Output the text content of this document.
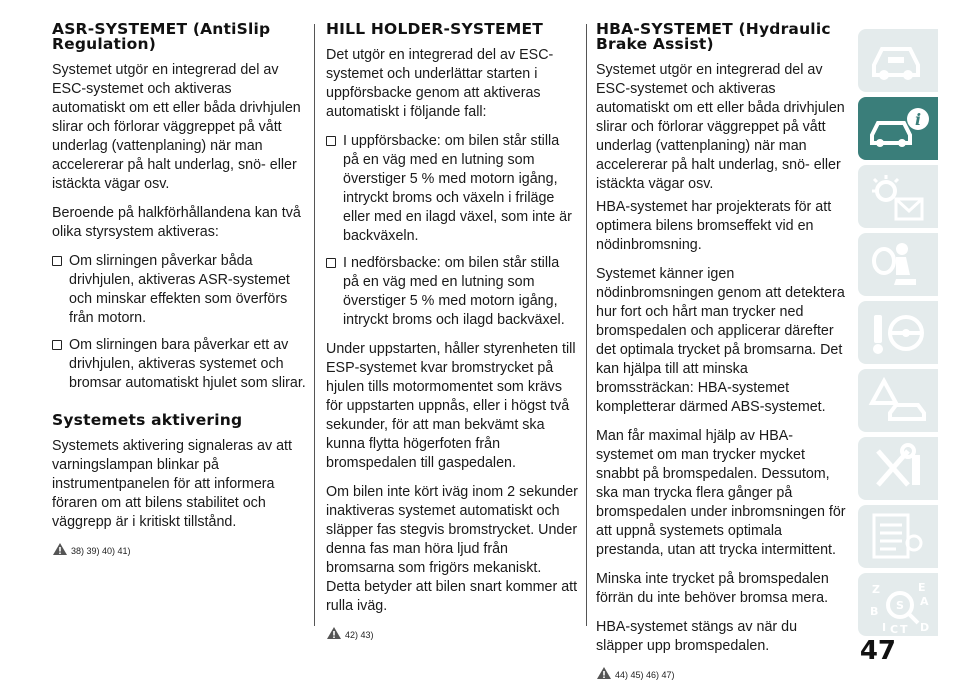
ASR-SYSTEMET (AntiSlip Regulation)

Systemet utgör en integrerad del av ESC-systemet och aktiveras automatiskt om ett eller båda drivhjulen slirar och förlorar väggreppet på vått underlag (vattenplaning) när man accelererar på halt underlag, snö- eller istäckta vägar osv.

Beroende på halkförhållandena kan två olika styrsystem aktiveras:

Om slirningen påverkar båda drivhjulen, aktiveras ASR-systemet och minskar effekten som överförs från motorn.
Om slirningen bara påverkar ett av drivhjulen, aktiveras systemet och bromsar automatiskt hjulet som slirar.
Systemets aktivering

Systemets aktivering signaleras av att varningslampan blinkar på instrumentpanelen för att informera föraren om att bilens stabilitet och väggrepp är i kritiskt tillstånd.

38) 39) 40) 41)
HILL HOLDER-SYSTEMET

Det utgör en integrerad del av ESC-systemet och underlättar starten i uppförsbacke genom att aktiveras automatiskt i följande fall:

I uppförsbacke: om bilen står stilla på en väg med en lutning som överstiger 5 % med motorn igång, intryckt broms och växeln i friläge eller med en ilagd växel, som inte är backväxeln.
I nedförsbacke: om bilen står stilla på en väg med en lutning som överstiger 5 % med motorn igång, intryckt broms och ilagd backväxel.

Under uppstarten, håller styrenheten till ESP-systemet kvar bromstrycket på hjulen tills motormomentet som krävs för uppstarten uppnås, eller i högst två sekunder, för att man bekvämt ska kunna flytta högerfoten från bromspedalen till gaspedalen.

Om bilen inte kört iväg inom 2 sekunder inaktiveras systemet automatiskt och släpper fas stegvis bromstrycket. Under denna fas man höra ljud från bromsarna som frigörs mekaniskt. Detta betyder att bilen snart kommer att rulla iväg.

42) 43)
HBA-SYSTEMET (Hydraulic Brake Assist)

Systemet utgör en integrerad del av ESC-systemet och aktiveras automatiskt om ett eller båda drivhjulen slirar och förlorar väggreppet på vått underlag (vattenplaning) när man accelererar på halt underlag, snö- eller istäckta vägar osv.

HBA-systemet har projekterats för att optimera bilens bromseffekt vid en nödinbromsning.

Systemet känner igen nödinbromsningen genom att detektera hur fort och hårt man trycker ned bromspedalen och applicerar därefter det optimala trycket på bromsarna. Det kan hjälpa till att minska bromssträckan: HBA-systemet kompletterar därmed ABS-systemet.

Man får maximal hjälp av HBA-systemet om man trycker mycket snabbt på bromspedalen. Dessutom, ska man trycka flera gånger på bromspedalen under inbromsningen för att uppnå systemets optimala prestanda, utan att trycka intermittent.

Minska inte trycket på bromspedalen förrän du inte behöver bromsa mera.

HBA-systemet stängs av när du släpper upp bromspedalen.

44) 45) 46) 47)
i
Z	E
A
B
I C T D
S
47
